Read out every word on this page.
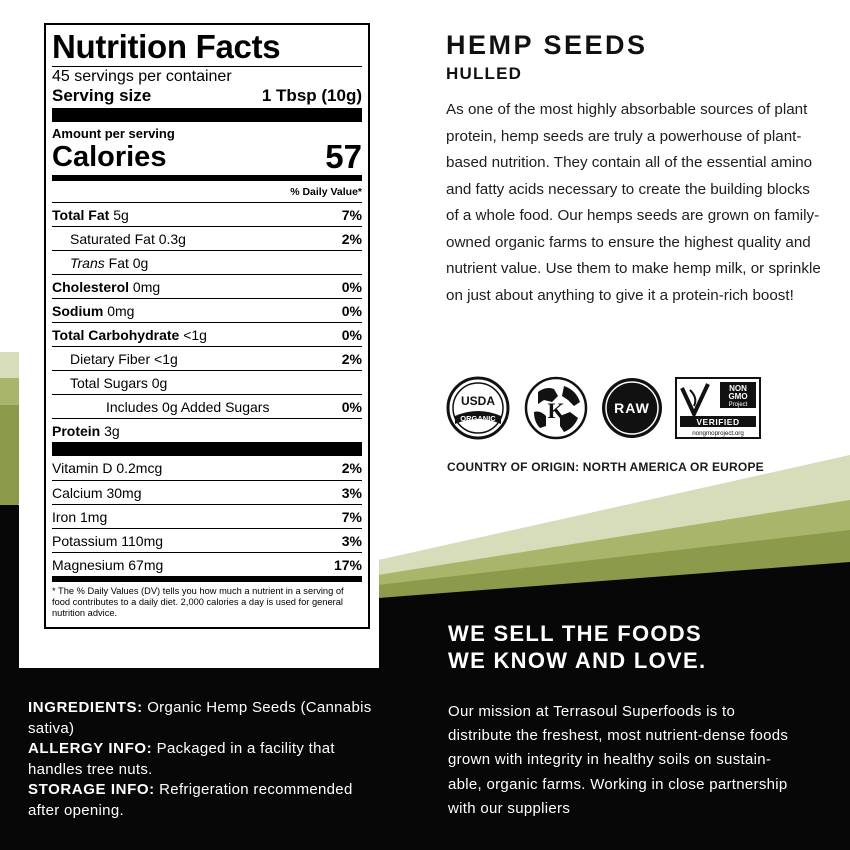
Nutrition Facts
45 servings per container
Serving size	1 Tbsp (10g)
Amount per serving
Calories	57
% Daily Value*
Total Fat 5g	7%
Saturated Fat 0.3g	2%
Trans Fat 0g
Cholesterol 0mg	0%
Sodium 0mg	0%
Total Carbohydrate <1g	0%
Dietary Fiber <1g	2%
Total Sugars 0g
Includes 0g Added Sugars	0%
Protein 3g
Vitamin D 0.2mcg	2%
Calcium 30mg	3%
Iron 1mg	7%
Potassium 110mg	3%
Magnesium 67mg	17%
* The % Daily Values (DV) tells you how much a nutrient in a serving of food contributes to a daily diet. 2,000 calories a day is used for general nutrition advice.
HEMP SEEDS
HULLED
As one of the most highly absorbable sources of plant protein, hemp seeds are truly a powerhouse of plant-based nutrition. They contain all of the essential amino and fatty acids necessary to create the building blocks of a whole food. Our hemps seeds are grown on family-owned organic farms to ensure the highest quality and nutrient value. Use them to make hemp milk, or sprinkle on just about anything to give it a protein-rich boost!
USDA
ORGANIC K	RAW
NON
GMO
Project
VERIFIED
nongmoproject.org
COUNTRY OF ORIGIN: NORTH AMERICA OR EUROPE
WE SELL THE FOODS
WE KNOW AND LOVE.
Our mission at Terrasoul Superfoods is to distribute the freshest, most nutrient-dense foods grown with integrity in healthy soils on sustain-able, organic farms. Working in close partnership with our suppliers
INGREDIENTS: Organic Hemp Seeds (Cannabis sativa)
ALLERGY INFO: Packaged in a facility that handles tree nuts.
STORAGE INFO: Refrigeration recommended after opening.
